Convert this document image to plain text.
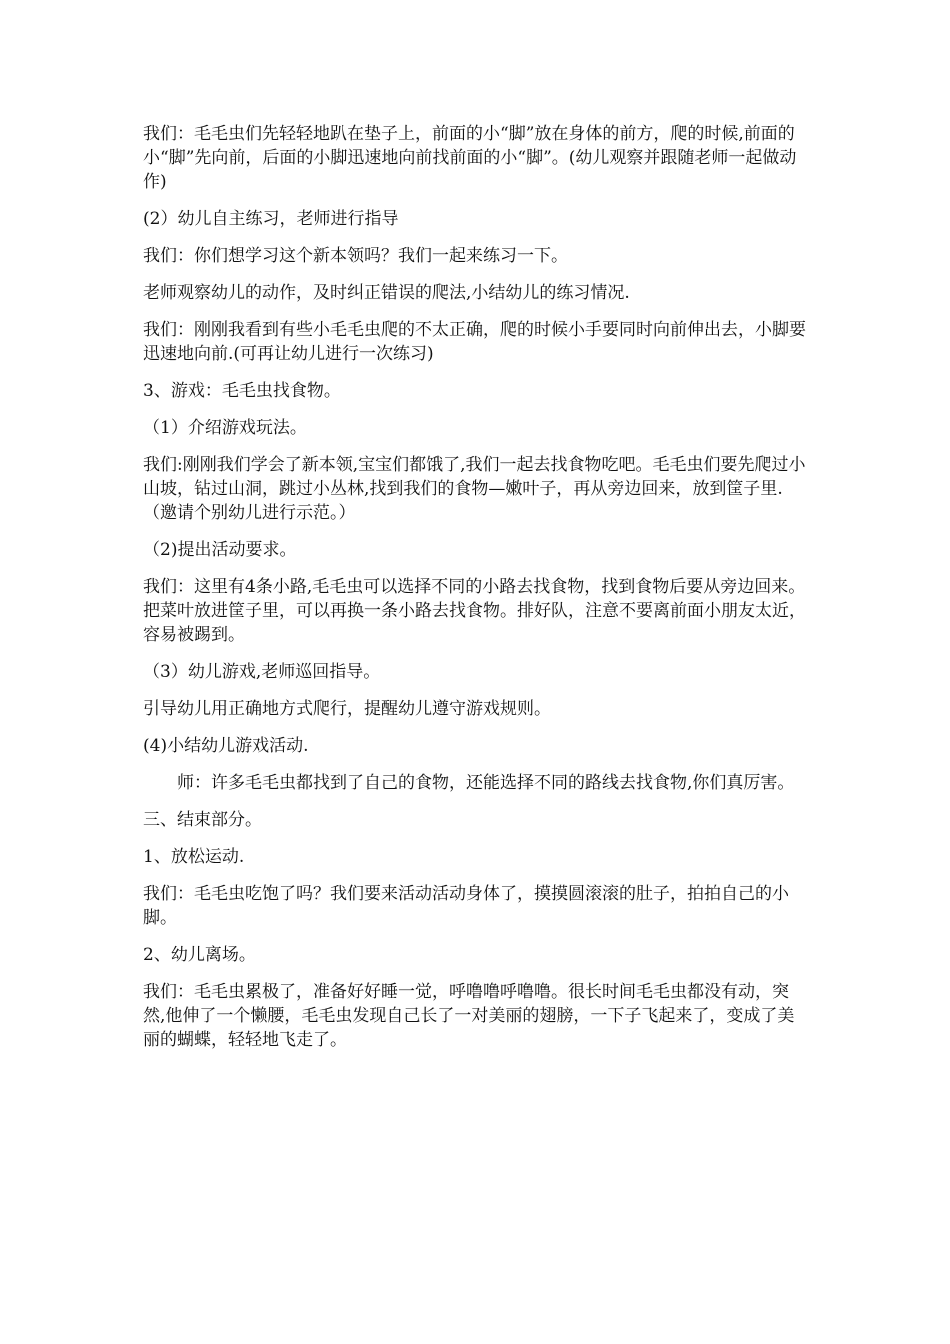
我们：毛毛虫们先轻轻地趴在垫子上，前面的小“脚”放在身体的前方，爬的时候,前面的小“脚”先向前，后面的小脚迅速地向前找前面的小“脚”。(幼儿观察并跟随老师一起做动作)

(2）幼儿自主练习，老师进行指导

我们：你们想学习这个新本领吗？我们一起来练习一下。

老师观察幼儿的动作，及时纠正错误的爬法,小结幼儿的练习情况.

我们：刚刚我看到有些小毛毛虫爬的不太正确，爬的时候小手要同时向前伸出去，小脚要迅速地向前.(可再让幼儿进行一次练习)

3、游戏：毛毛虫找食物。

（1）介绍游戏玩法。

我们:刚刚我们学会了新本领,宝宝们都饿了,我们一起去找食物吃吧。毛毛虫们要先爬过小山坡，钻过山洞，跳过小丛林,找到我们的食物—嫩叶子，再从旁边回来，放到筐子里.（邀请个别幼儿进行示范。）

（2)提出活动要求。

我们：这里有4条小路,毛毛虫可以选择不同的小路去找食物，找到食物后要从旁边回来。把菜叶放进筐子里，可以再换一条小路去找食物。排好队，注意不要离前面小朋友太近，容易被踢到。

（3）幼儿游戏,老师巡回指导。

引导幼儿用正确地方式爬行，提醒幼儿遵守游戏规则。

(4)小结幼儿游戏活动.

师：许多毛毛虫都找到了自己的食物，还能选择不同的路线去找食物,你们真厉害。

三、结束部分。

1、放松运动.

我们：毛毛虫吃饱了吗？我们要来活动活动身体了，摸摸圆滚滚的肚子，拍拍自己的小脚。

2、幼儿离场。

我们：毛毛虫累极了，准备好好睡一觉，呼噜噜呼噜噜。很长时间毛毛虫都没有动，突然,他伸了一个懒腰，毛毛虫发现自己长了一对美丽的翅膀，一下子飞起来了，变成了美丽的蝴蝶，轻轻地飞走了。
